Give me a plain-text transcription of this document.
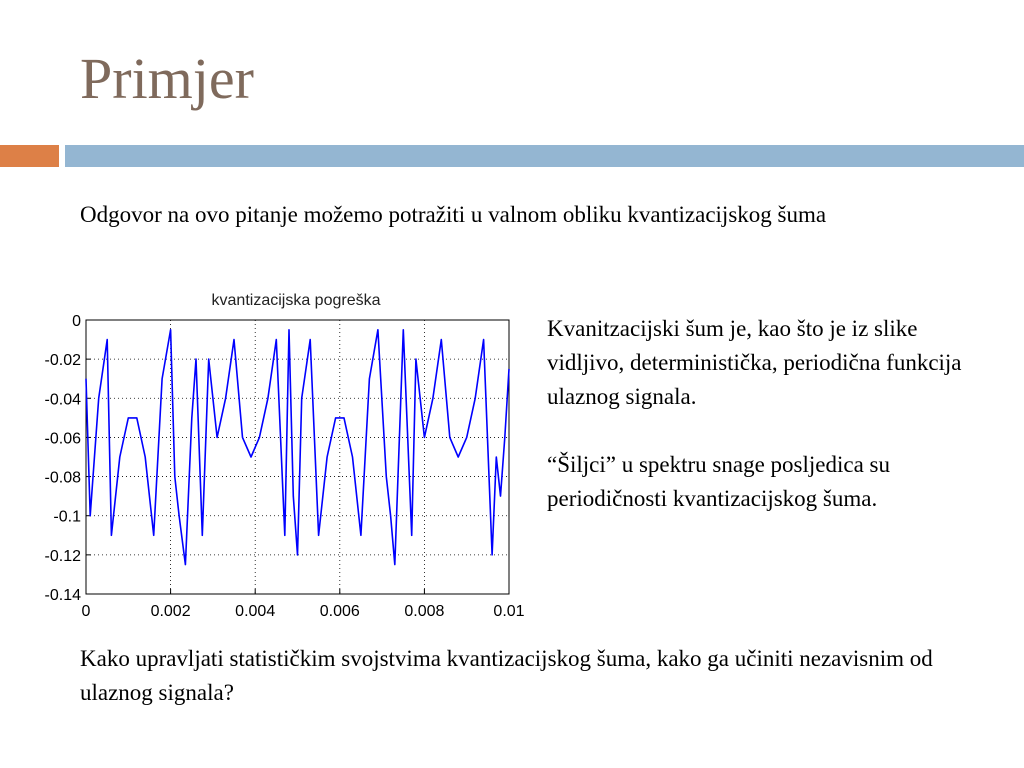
Primjer
Odgovor na ovo pitanje možemo potražiti u valnom obliku kvantizacijskog šuma
kvantizacijska pogreška
0	0.002	0.004	0.006	0.008	0.01
0
-0.02
-0.04
-0.06
-0.08
-0.1
-0.12
-0.14

Kvanitzacijski šum je, kao što je iz slike vidljivo, deterministička, periodična funkcija ulaznog signala.

“Šiljci” u spektru snage posljedica su periodičnosti kvantizacijskog šuma.

Kako upravljati statističkim svojstvima kvantizacijskog šuma, kako ga učiniti nezavisnim od ulaznog signala?
